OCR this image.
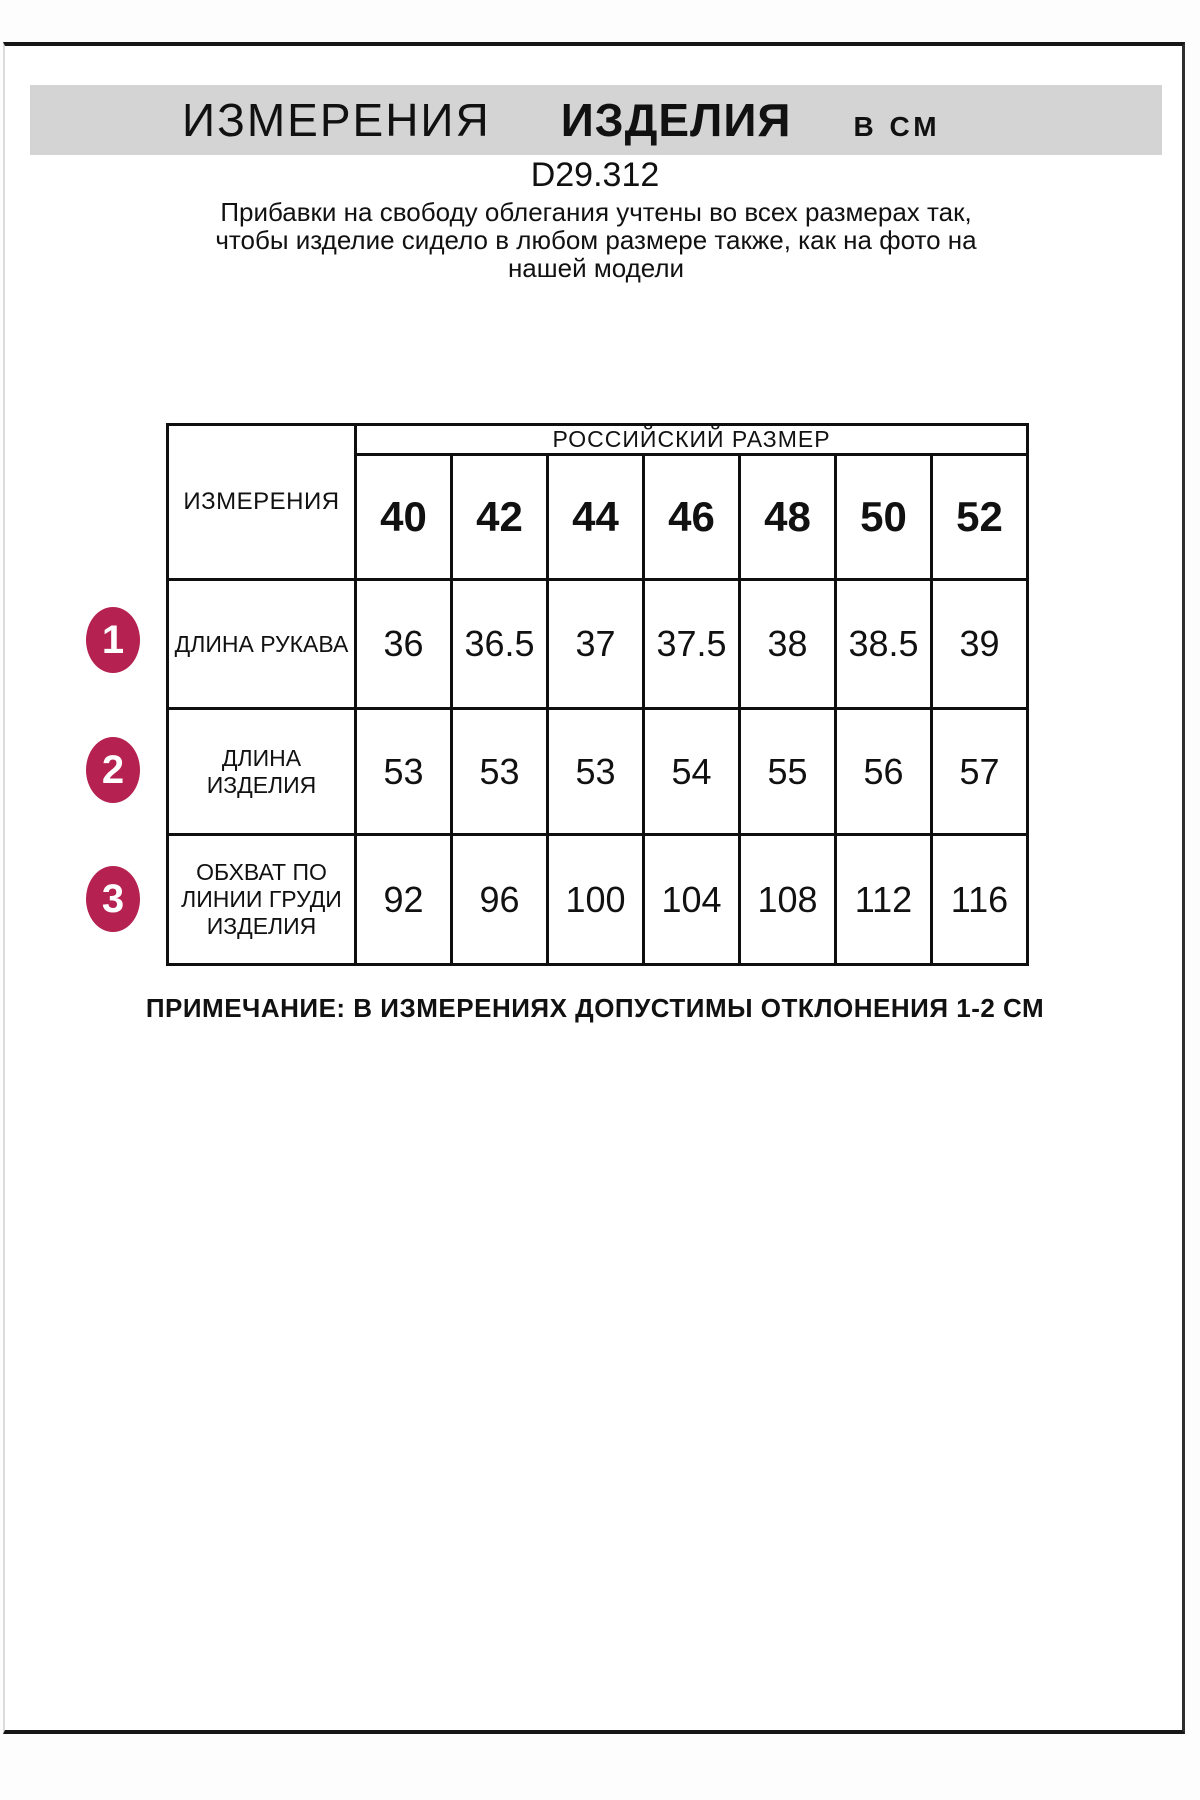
ИЗМЕРЕНИЯ ИЗДЕЛИЯ В СМ
D29.312
Прибавки на свободу облегания учтены во всех размерах так,
чтобы изделие сидело в любом размере также, как на фото на
нашей модели
ИЗМЕРЕНИЯ	РОССИЙСКИЙ РАЗМЕР						
	40	42	44	46	48	50	52
ДЛИНА РУКАВА	36	36.5	37	37.5	38	38.5	39
ДЛИНА ИЗДЕЛИЯ	53	53	53	54	55	56	57
ОБХВАТ ПО ЛИНИИ ГРУДИ ИЗДЕЛИЯ	92	96	100	104	108	112	116
1
2
3
ПРИМЕЧАНИЕ: В ИЗМЕРЕНИЯХ ДОПУСТИМЫ ОТКЛОНЕНИЯ 1-2 СМ
